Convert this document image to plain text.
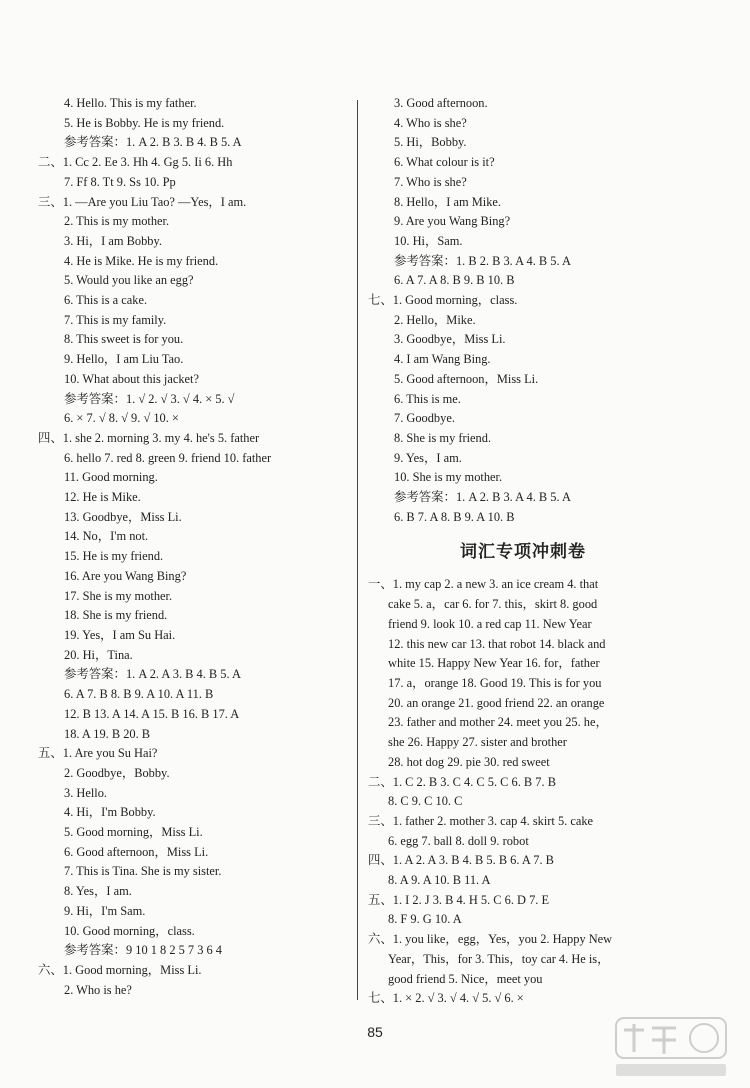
4. Hello. This is my father.
5. He is Bobby. He is my friend.
参考答案：1. A 2. B 3. B 4. B 5. A
二、1. Cc 2. Ee 3. Hh 4. Gg 5. Ii 6. Hh
7. Ff 8. Tt 9. Ss 10. Pp
三、1. —Are you Liu Tao? —Yes，I am.
2. This is my mother.
3. Hi，I am Bobby.
4. He is Mike. He is my friend.
5. Would you like an egg?
6. This is a cake.
7. This is my family.
8. This sweet is for you.
9. Hello，I am Liu Tao.
10. What about this jacket?
参考答案：1. √ 2. √ 3. √ 4. × 5. √
6. × 7. √ 8. √ 9. √ 10. ×
四、1. she 2. morning 3. my 4. he's 5. father
6. hello 7. red 8. green 9. friend 10. father
11. Good morning.
12. He is Mike.
13. Goodbye，Miss Li.
14. No，I'm not.
15. He is my friend.
16. Are you Wang Bing?
17. She is my mother.
18. She is my friend.
19. Yes，I am Su Hai.
20. Hi，Tina.
参考答案：1. A 2. A 3. B 4. B 5. A
6. A 7. B 8. B 9. A 10. A 11. B
12. B 13. A 14. A 15. B 16. B 17. A
18. A 19. B 20. B
五、1. Are you Su Hai?
2. Goodbye，Bobby.
3. Hello.
4. Hi，I'm Bobby.
5. Good morning，Miss Li.
6. Good afternoon，Miss Li.
7. This is Tina. She is my sister.
8. Yes，I am.
9. Hi，I'm Sam.
10. Good morning，class.
参考答案：9 10 1 8 2 5 7 3 6 4
六、1. Good morning，Miss Li.
2. Who is he?
3. Good afternoon.
4. Who is she?
5. Hi，Bobby.
6. What colour is it?
7. Who is she?
8. Hello，I am Mike.
9. Are you Wang Bing?
10. Hi，Sam.
参考答案：1. B 2. B 3. A 4. B 5. A
6. A 7. A 8. B 9. B 10. B
七、1. Good morning，class.
2. Hello，Mike.
3. Goodbye，Miss Li.
4. I am Wang Bing.
5. Good afternoon，Miss Li.
6. This is me.
7. Goodbye.
8. She is my friend.
9. Yes，I am.
10. She is my mother.
参考答案：1. A 2. B 3. A 4. B 5. A
6. B 7. A 8. B 9. A 10. B
词汇专项冲刺卷
一、1. my cap 2. a new 3. an ice cream 4. that
cake 5. a，car 6. for 7. this，skirt 8. good
friend 9. look 10. a red cap 11. New Year
12. this new car 13. that robot 14. black and
white 15. Happy New Year 16. for，father
17. a，orange 18. Good 19. This is for you
20. an orange 21. good friend 22. an orange
23. father and mother 24. meet you 25. he，
she 26. Happy 27. sister and brother
28. hot dog 29. pie 30. red sweet
二、1. C 2. B 3. C 4. C 5. C 6. B 7. B
8. C 9. C 10. C
三、1. father 2. mother 3. cap 4. skirt 5. cake
6. egg 7. ball 8. doll 9. robot
四、1. A 2. A 3. B 4. B 5. B 6. A 7. B
8. A 9. A 10. B 11. A
五、1. I 2. J 3. B 4. H 5. C 6. D 7. E
8. F 9. G 10. A
六、1. you like，egg，Yes，you 2. Happy New
Year，This，for 3. This，toy car 4. He is，
good friend 5. Nice，meet you
七、1. × 2. √ 3. √ 4. √ 5. √ 6. ×
85
